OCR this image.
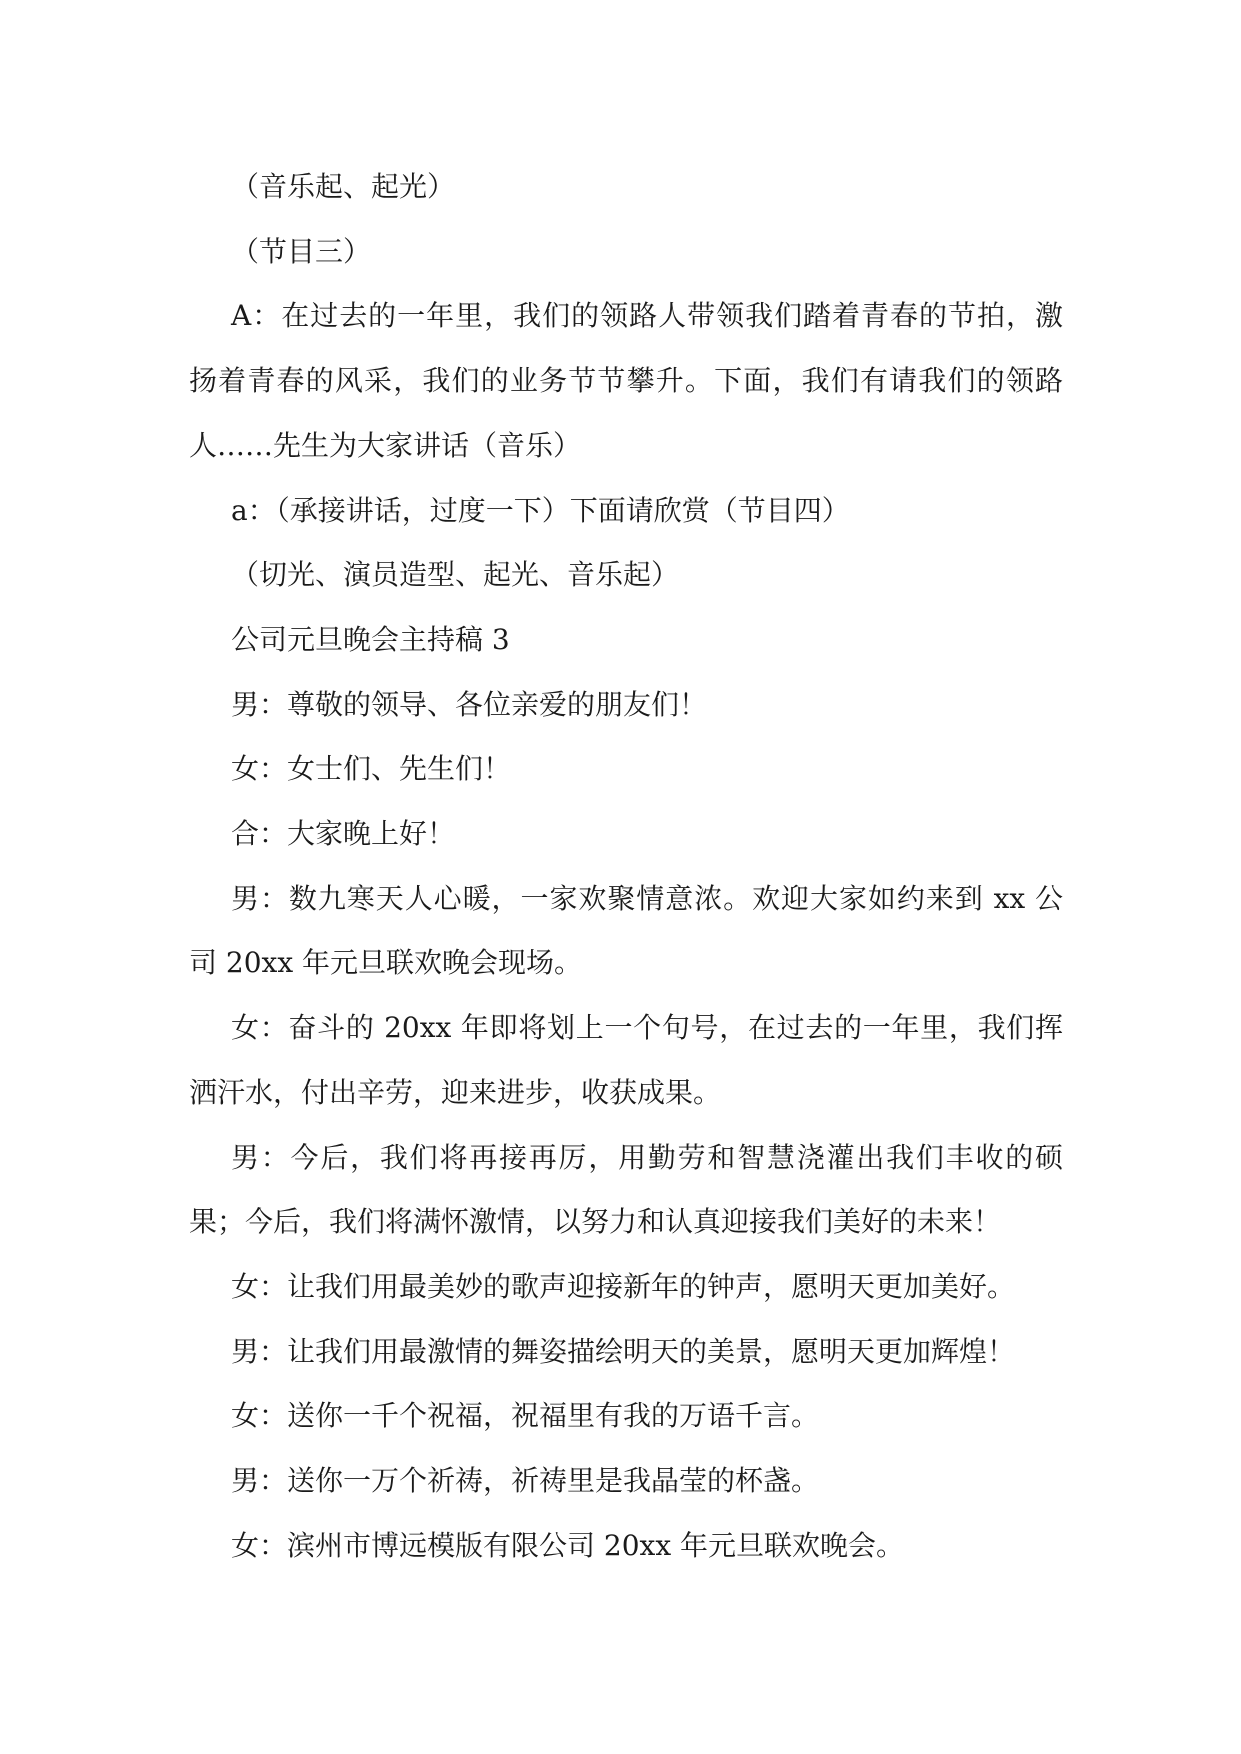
（音乐起、起光）

（节目三）

A：在过去的一年里，我们的领路人带领我们踏着青春的节拍，激扬着青春的风采，我们的业务节节攀升。下面，我们有请我们的领路人……先生为大家讲话（音乐）

a：（承接讲话，过度一下）下面请欣赏（节目四）

（切光、演员造型、起光、音乐起）

公司元旦晚会主持稿 3

男：尊敬的领导、各位亲爱的朋友们！

女：女士们、先生们！

合：大家晚上好！

男：数九寒天人心暖，一家欢聚情意浓。欢迎大家如约来到 xx 公司 20xx 年元旦联欢晚会现场。

女：奋斗的 20xx 年即将划上一个句号，在过去的一年里，我们挥洒汗水，付出辛劳，迎来进步，收获成果。

男：今后，我们将再接再厉，用勤劳和智慧浇灌出我们丰收的硕果；今后，我们将满怀激情，以努力和认真迎接我们美好的未来！

女：让我们用最美妙的歌声迎接新年的钟声，愿明天更加美好。

男：让我们用最激情的舞姿描绘明天的美景，愿明天更加辉煌！

女：送你一千个祝福，祝福里有我的万语千言。

男：送你一万个祈祷，祈祷里是我晶莹的杯盏。

女：滨州市博远模版有限公司 20xx 年元旦联欢晚会。
